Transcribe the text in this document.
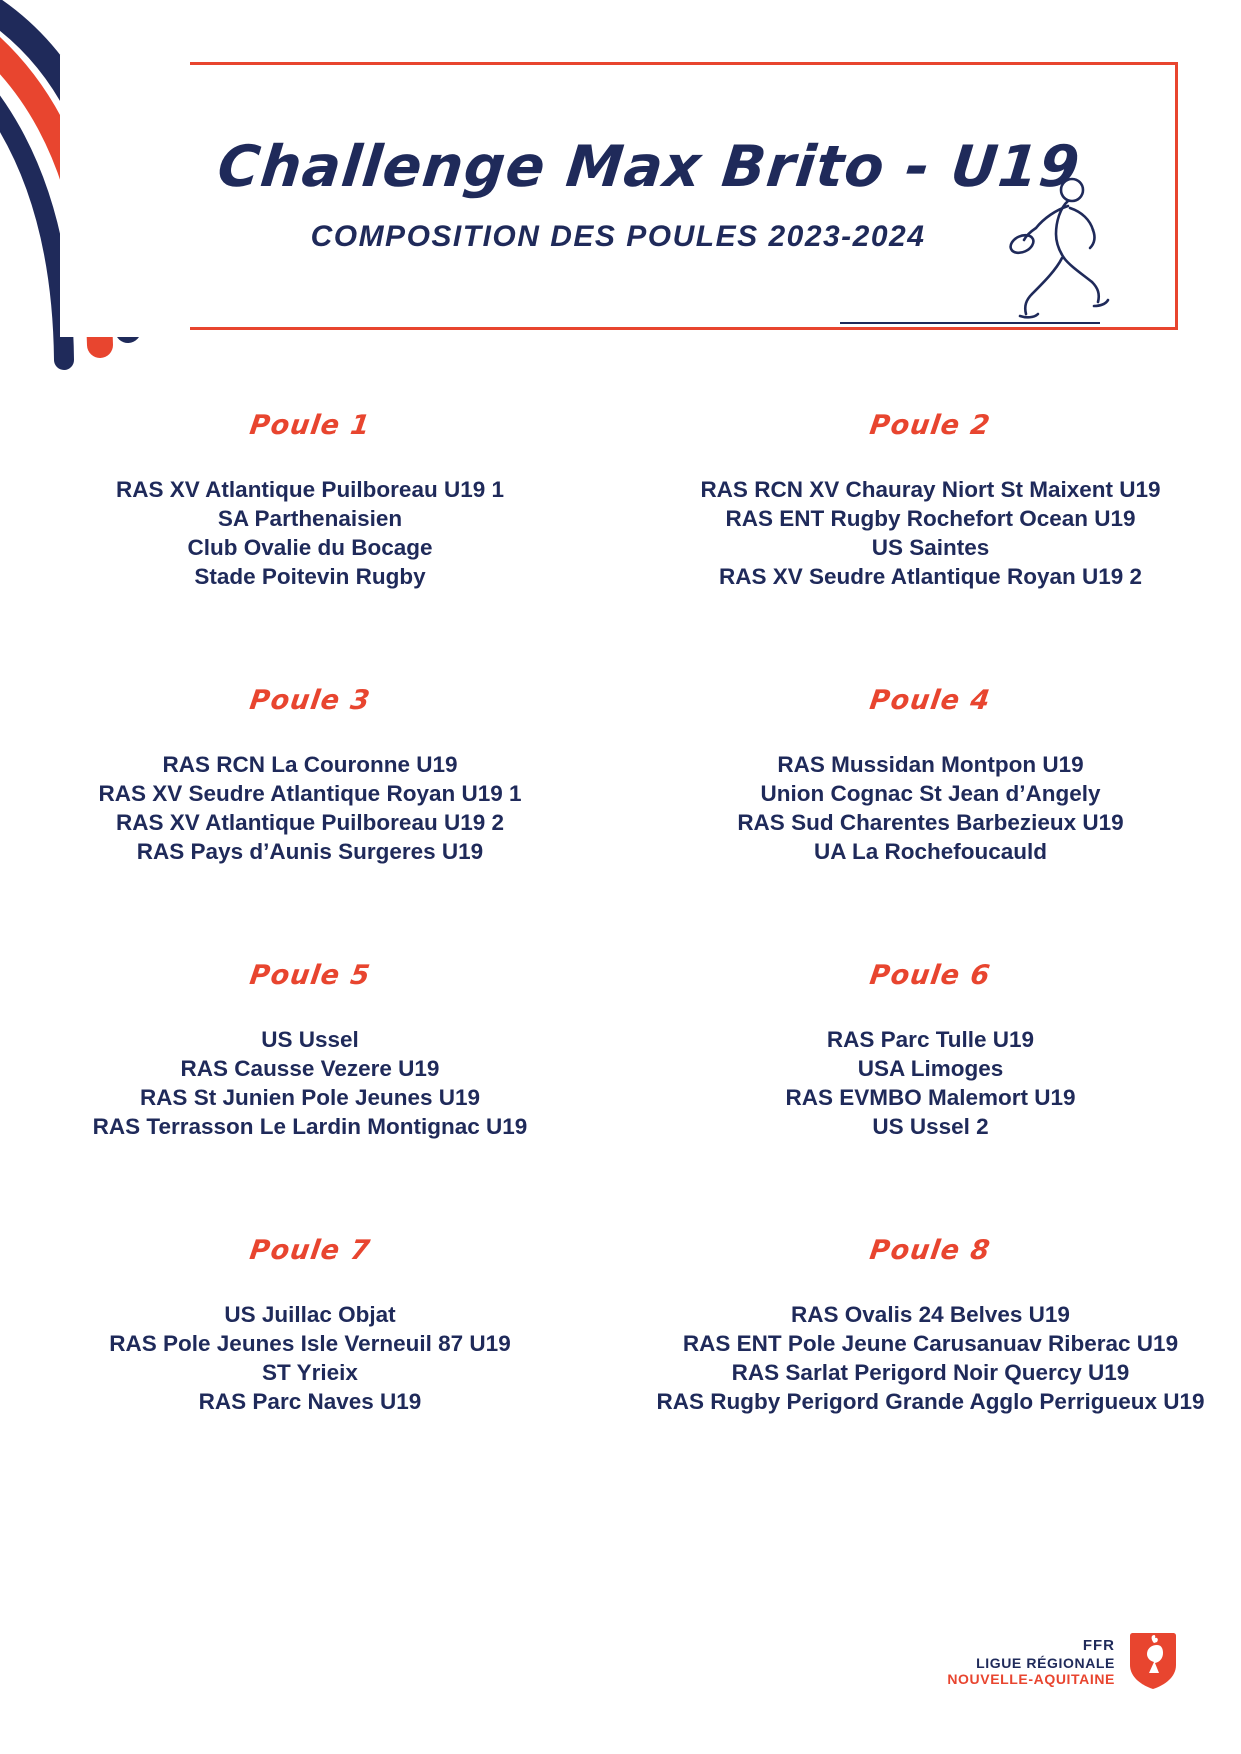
Challenge Max Brito - U19
COMPOSITION DES POULES 2023-2024
Poule 1
RAS XV Atlantique Puilboreau U19 1
SA Parthenaisien
Club Ovalie du Bocage
Stade Poitevin Rugby
Poule 2
RAS RCN XV Chauray Niort St Maixent U19
RAS ENT Rugby Rochefort Ocean U19
US Saintes
RAS XV Seudre Atlantique Royan U19 2
Poule 3
RAS RCN La Couronne U19
RAS XV Seudre Atlantique Royan U19 1
RAS XV Atlantique Puilboreau U19 2
RAS Pays d’Aunis Surgeres U19
Poule 4
RAS Mussidan Montpon U19
Union Cognac St Jean d’Angely
RAS Sud Charentes Barbezieux U19
UA La Rochefoucauld
Poule 5
US Ussel
RAS Causse Vezere U19
RAS St Junien Pole Jeunes U19
RAS Terrasson Le Lardin Montignac U19
Poule 6
RAS Parc Tulle U19
USA Limoges
RAS EVMBO Malemort U19
US Ussel 2
Poule 7
US Juillac Objat
RAS Pole Jeunes Isle Verneuil 87 U19
ST Yrieix
RAS Parc Naves U19
Poule 8
RAS Ovalis 24 Belves U19
RAS ENT Pole Jeune Carusanuav Riberac U19
RAS Sarlat Perigord Noir Quercy U19
RAS Rugby Perigord Grande Agglo Perrigueux U19
FFR
LIGUE RÉGIONALE
NOUVELLE-AQUITAINE
